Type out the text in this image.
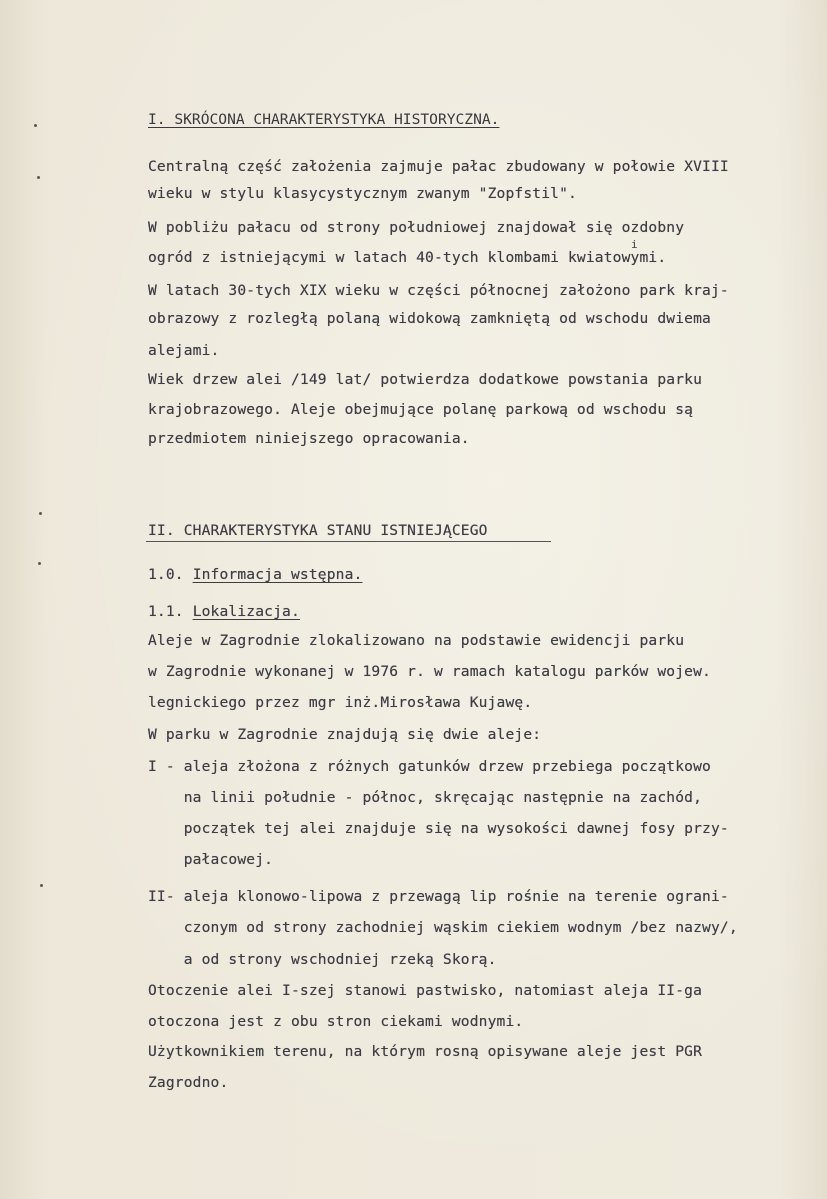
I. SKRÓCONA CHARAKTERYSTYKA HISTORYCZNA.
Centralną część założenia zajmuje pałac zbudowany w połowie XVIII
wieku w stylu klasycystycznym zwanym "Zopfstil".
W pobliżu pałacu od strony południowej znajdował się ozdobny
i
ogród z istniejącymi w latach 40-tych klombami kwiatowymi.
W latach 30-tych XIX wieku w części północnej założono park kraj-
obrazowy z rozległą polaną widokową zamkniętą od wschodu dwiema
alejami.
Wiek drzew alei /149 lat/ potwierdza dodatkowe powstania parku
krajobrazowego. Aleje obejmujące polanę parkową od wschodu są
przedmiotem niniejszego opracowania.
II. CHARAKTERYSTYKA STANU ISTNIEJĄCEGO
1.0. Informacja wstępna.
1.1. Lokalizacja.
Aleje w Zagrodnie zlokalizowano na podstawie ewidencji parku
w Zagrodnie wykonanej w 1976 r. w ramach katalogu parków wojew.
legnickiego przez mgr inż.Mirosława Kujawę.
W parku w Zagrodnie znajdują się dwie aleje:
I - aleja złożona z różnych gatunków drzew przebiega początkowo
na linii południe - północ, skręcając następnie na zachód,
początek tej alei znajduje się na wysokości dawnej fosy przy-
pałacowej.
II- aleja klonowo-lipowa z przewagą lip rośnie na terenie ograni-
czonym od strony zachodniej wąskim ciekiem wodnym /bez nazwy/,
a od strony wschodniej rzeką Skorą.
Otoczenie alei I-szej stanowi pastwisko, natomiast aleja II-ga
otoczona jest z obu stron ciekami wodnymi.
Użytkownikiem terenu, na którym rosną opisywane aleje jest PGR
Zagrodno.
